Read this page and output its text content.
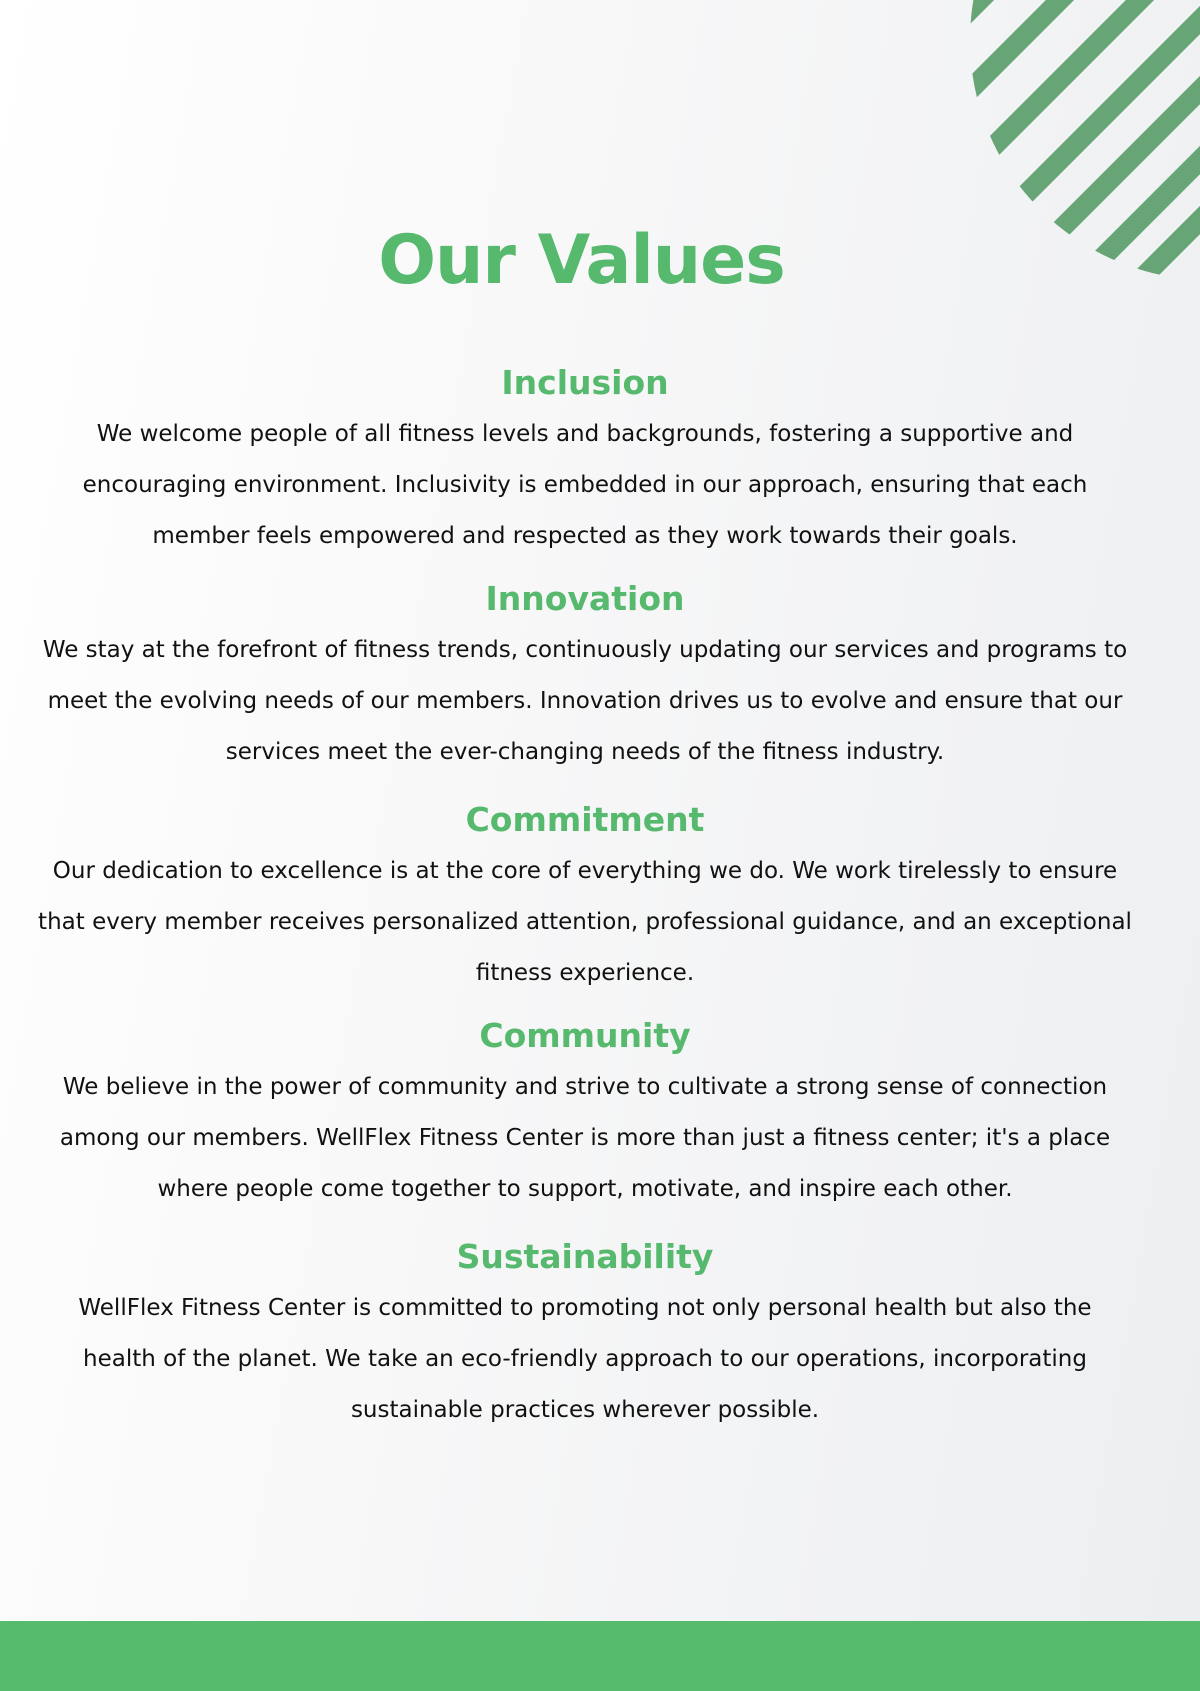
Our Values
Inclusion

We welcome people of all fitness levels and backgrounds, fostering a supportive and encouraging environment. Inclusivity is embedded in our approach, ensuring that each member feels empowered and respected as they work towards their goals.

Innovation

We stay at the forefront of fitness trends, continuously updating our services and programs to meet the evolving needs of our members. Innovation drives us to evolve and ensure that our services meet the ever-changing needs of the fitness industry.

Commitment

Our dedication to excellence is at the core of everything we do. We work tirelessly to ensure that every member receives personalized attention, professional guidance, and an exceptional fitness experience.

Community

We believe in the power of community and strive to cultivate a strong sense of connection among our members. WellFlex Fitness Center is more than just a fitness center; it's a place where people come together to support, motivate, and inspire each other.

Sustainability

WellFlex Fitness Center is committed to promoting not only personal health but also the health of the planet. We take an eco-friendly approach to our operations, incorporating sustainable practices wherever possible.
